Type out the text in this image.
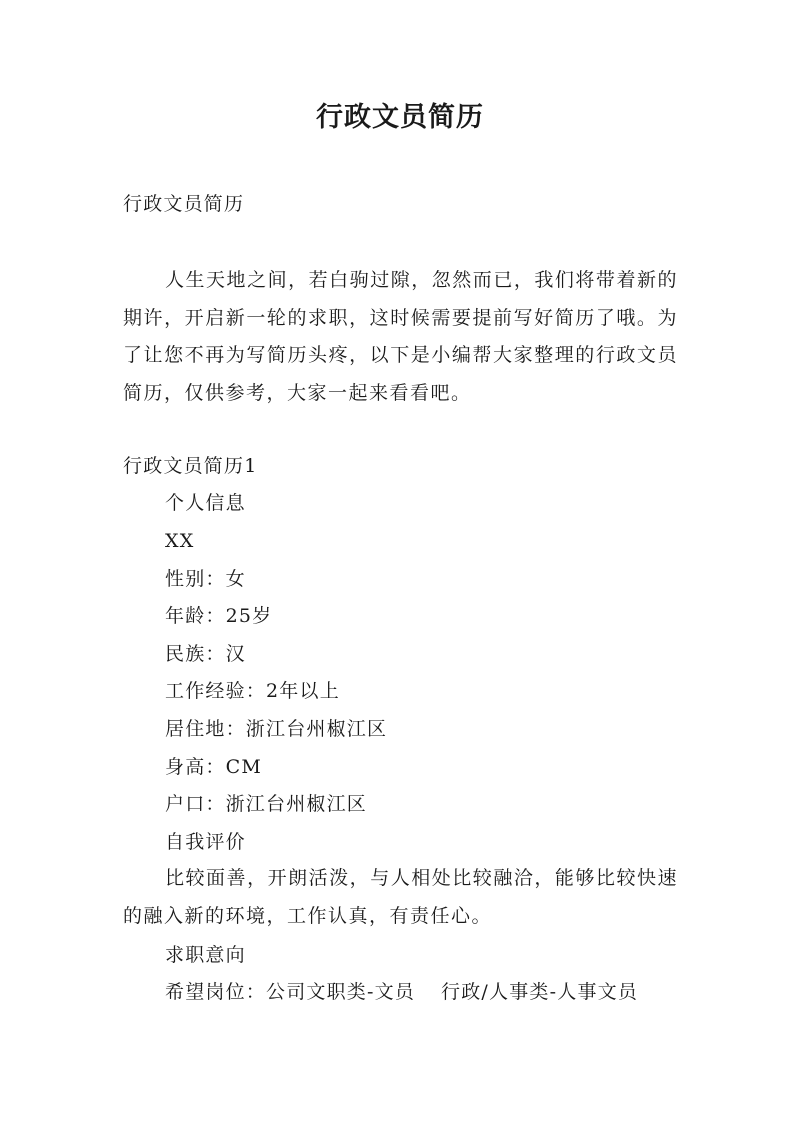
行政文员简历
行政文员简历
人生天地之间，若白驹过隙，忽然而已，我们将带着新的期许，开启新一轮的求职，这时候需要提前写好简历了哦。为了让您不再为写简历头疼，以下是小编帮大家整理的行政文员简历，仅供参考，大家一起来看看吧。
行政文员简历1
个人信息
XX
性别：女
年龄：25岁
民族：汉
工作经验：2年以上
居住地：浙江台州椒江区
身高：CM
户口：浙江台州椒江区
自我评价
比较面善，开朗活泼，与人相处比较融洽，能够比较快速的融入新的环境，工作认真，有责任心。
求职意向
希望岗位：公司文职类-文员 行政/人事类-人事文员
